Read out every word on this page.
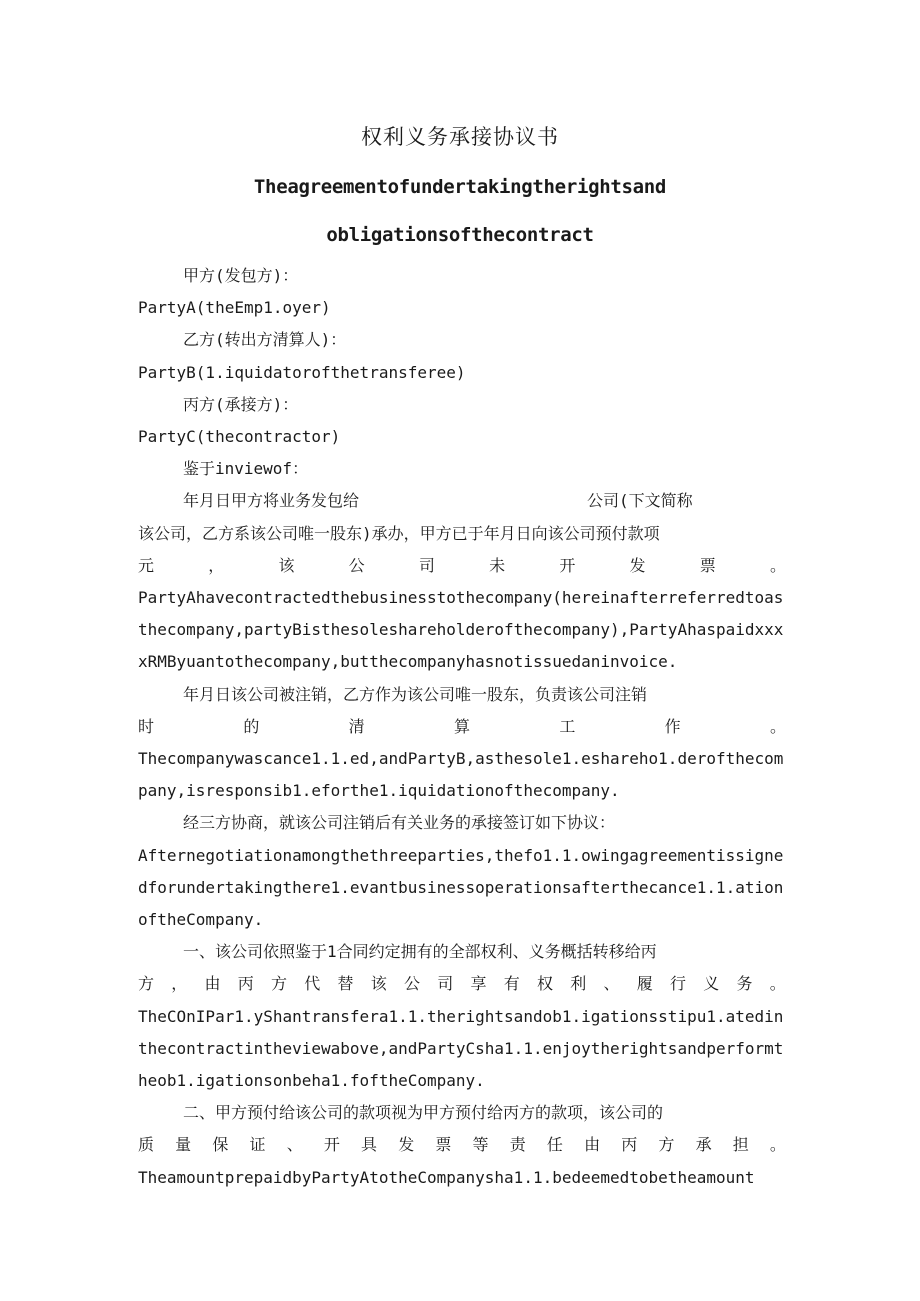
权利义务承接协议书
Theagreementofundertakingtherightsand
obligationsofthecontract

甲方(发包方)：

PartyA(theEmp1.oyer)

乙方(转出方清算人)：

PartyB(1.iquidatorofthetransferee)

丙方(承接方)：

PartyC(thecontractor)

鉴于inviewof：

年月日甲方将业务发包给	公司(下文简称

该公司，乙方系该公司唯一股东)承办，甲方已于年月日向该公司预付款项

元	，	该	公	司	未	开	发	票	。

PartyAhavecontractedthebusinesstothecompany(hereinafterreferredtoasthecompany,partyBisthesoleshareholderofthecompany),PartyAhaspaidxxxxRMByuantothecompany,butthecompanyhasnotissuedaninvoice.

年月日该公司被注销，乙方作为该公司唯一股东，负责该公司注销

时	的	清	算	工	作	。

Thecompanywascance1.1.ed,andPartyB,asthesole1.eshareho1.derofthecompany,isresponsib1.eforthe1.iquidationofthecompany.

经三方协商，就该公司注销后有关业务的承接签订如下协议：

Afternegotiationamongthethreeparties,thefo1.1.owingagreementissignedforundertakingthere1.evantbusinessoperationsafterthecance1.1.ationoftheCompany.

一、该公司依照鉴于1合同约定拥有的全部权利、义务概括转移给丙

方 ， 由 丙 方 代 替 该 公 司 享 有 权 利 、 履 行 义 务 。

TheCOnIPar1.yShantransfera1.1.therightsandob1.igationsstipu1.atedinthecontractintheviewabove,andPartyCsha1.1.enjoytherightsandperformtheob1.igationsonbeha1.foftheCompany.

二、甲方预付给该公司的款项视为甲方预付给丙方的款项，该公司的

质 量 保 证 、 开 具 发 票 等 责 任 由 丙 方 承 担 。

TheamountprepaidbyPartyAtotheCompanysha1.1.bedeemedtobetheamount
